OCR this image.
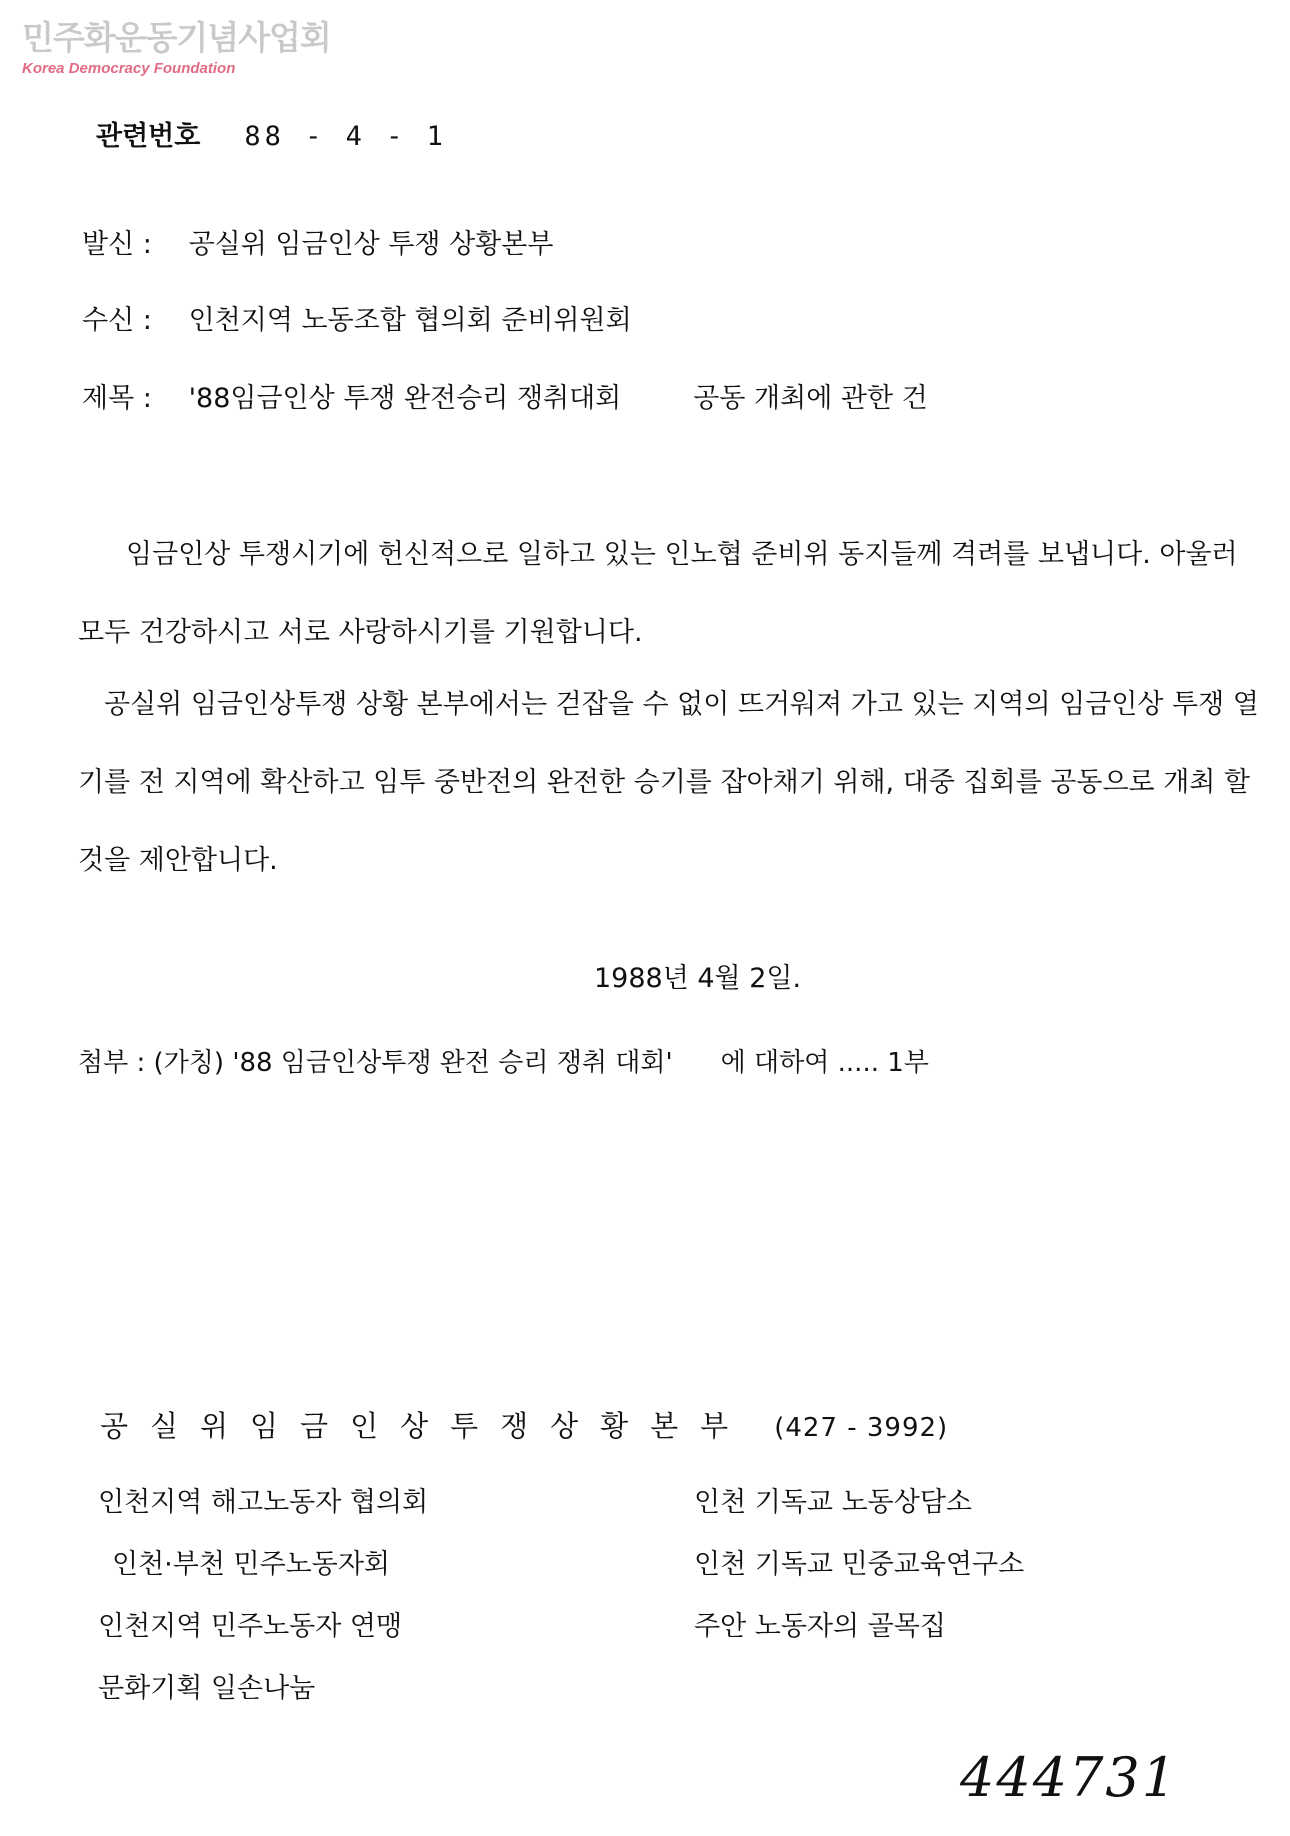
민주화운동기념사업회
Korea Democracy Foundation
관련번호 88 - 4 - 1
발신 : 공실위 임금인상 투쟁 상황본부
수신 : 인천지역 노동조합 협의회 준비위원회
제목 : '88임금인상 투쟁 완전승리 쟁취대회	공동 개최에 관한 건
임금인상 투쟁시기에 헌신적으로 일하고 있는 인노협 준비위 동지들께 격려를 보냅니다. 아울러 모두 건강하시고 서로 사랑하시기를 기원합니다.
공실위 임금인상투쟁 상황 본부에서는 걷잡을 수 없이 뜨거워져 가고 있는 지역의 임금인상 투쟁 열기를 전 지역에 확산하고 임투 중반전의 완전한 승기를 잡아채기 위해, 대중 집회를 공동으로 개최 할것을 제안합니다.
1988년 4월 2일.
첨부 : (가칭) '88 임금인상투쟁 완전 승리 쟁취 대회' 에 대하여 ..... 1부
공실위임금인상투쟁상황본부 (427 - 3992)
인천지역 해고노동자 협의회
인천·부천 민주노동자회
인천지역 민주노동자 연맹
문화기획 일손나눔
인천 기독교 노동상담소
인천 기독교 민중교육연구소
주안 노동자의 골목집
444731
